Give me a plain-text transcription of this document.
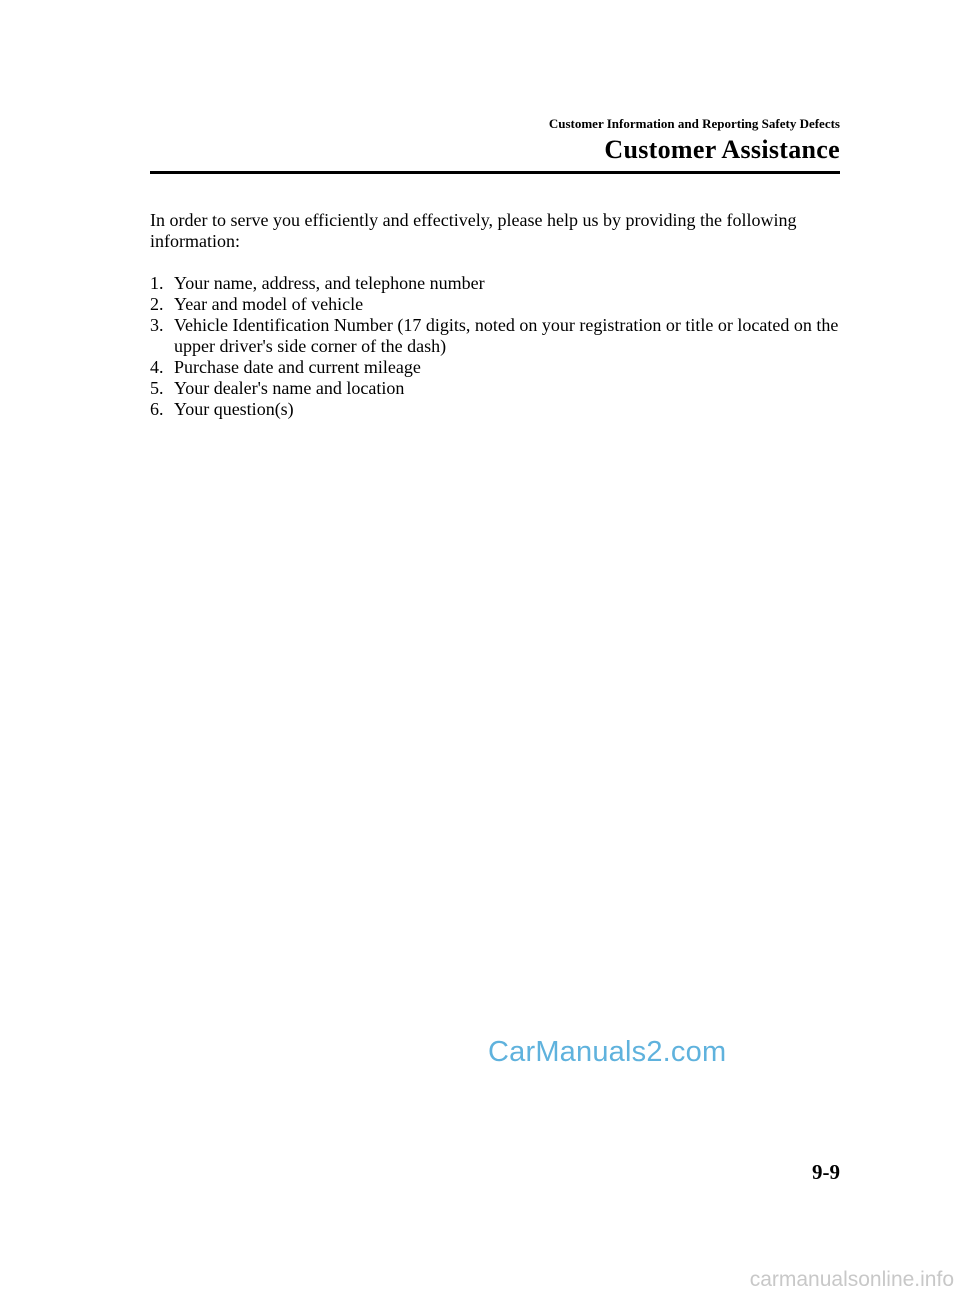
Customer Information and Reporting Safety Defects
Customer Assistance

In order to serve you efficiently and effectively, please help us by providing the following information:

1. Your name, address, and telephone number
2. Year and model of vehicle
3. Vehicle Identification Number (17 digits, noted on your registration or title or located on the upper driver's side corner of the dash)
4. Purchase date and current mileage
5. Your dealer's name and location
6. Your question(s)
CarManuals2.com
9-9
carmanualsonline.info
